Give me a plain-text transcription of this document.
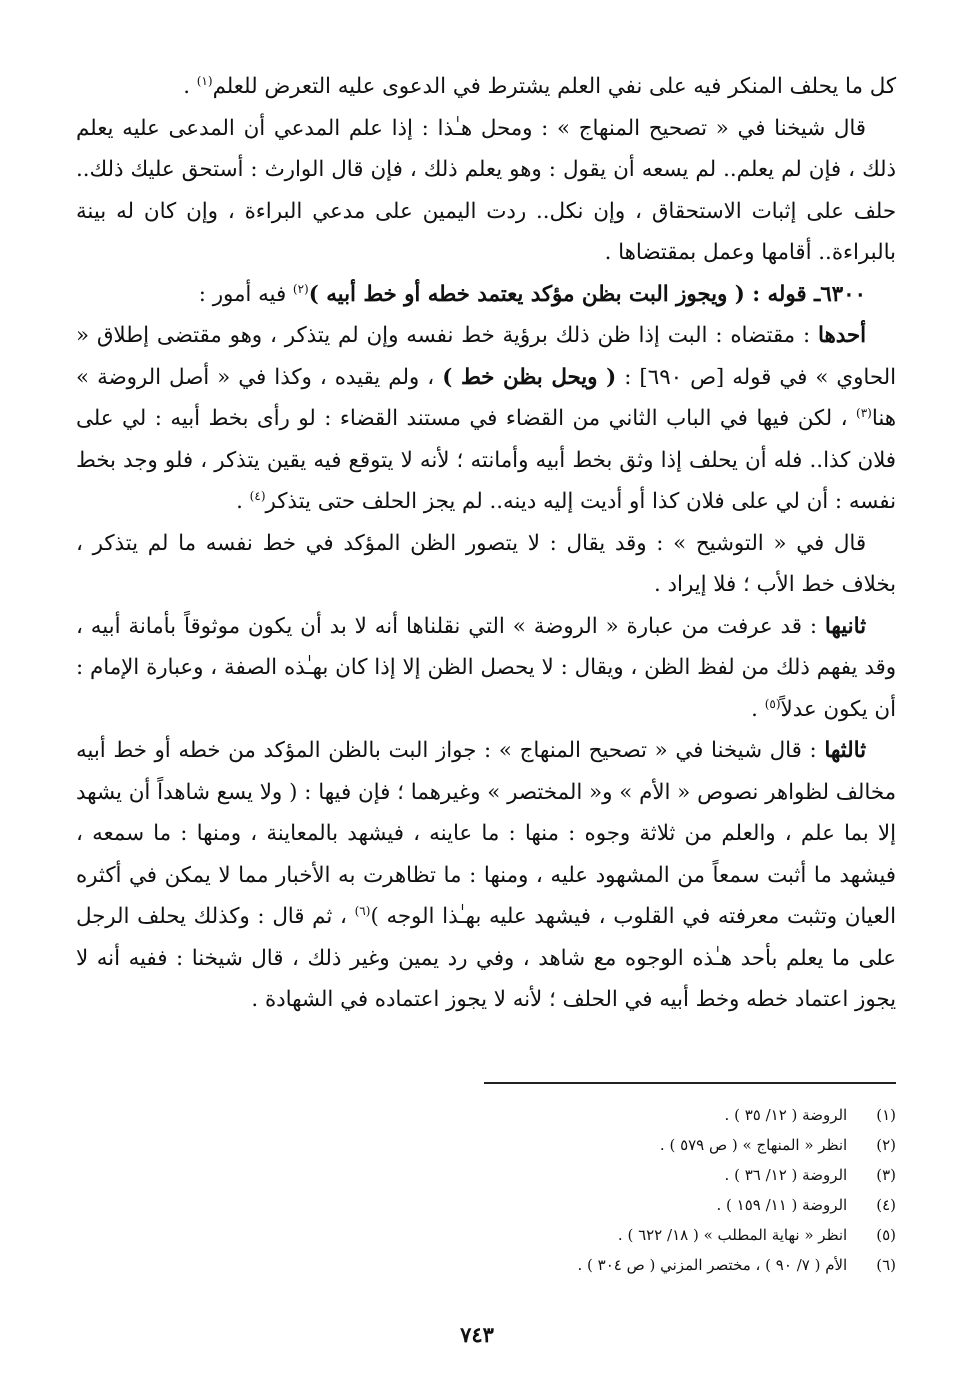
كل ما يحلف المنكر فيه على نفي العلم يشترط في الدعوى عليه التعرض للعلم$^{(١)}$ .

قال شيخنا في « تصحيح المنهاج » : ومحل هـٰذا : إذا علم المدعي أن المدعى عليه يعلم ذلك ، فإن لم يعلم.. لم يسعه أن يقول : وهو يعلم ذلك ، فإن قال الوارث : أستحق عليك ذلك.. حلف على إثبات الاستحقاق ، وإن نكل.. ردت اليمين على مدعي البراءة ، وإن كان له بينة بالبراءة.. أقامها وعمل بمقتضاها .

٦٣٠٠ـ قوله : ( ويجوز البت بظن مؤكد يعتمد خطه أو خط أبيه )$^{(٢)}$ فيه أمور :

أحدها : مقتضاه : البت إذا ظن ذلك برؤية خط نفسه وإن لم يتذكر ، وهو مقتضى إطلاق « الحاوي » في قوله [ص ٦٩٠] : ( ويحل بظن خط ) ، ولم يقيده ، وكذا في « أصل الروضة » هنا$^{(٣)}$ ، لكن فيها في الباب الثاني من القضاء في مستند القضاء : لو رأى بخط أبيه : لي على فلان كذا.. فله أن يحلف إذا وثق بخط أبيه وأمانته ؛ لأنه لا يتوقع فيه يقين يتذكر ، فلو وجد بخط نفسه : أن لي على فلان كذا أو أديت إليه دينه.. لم يجز الحلف حتى يتذكر$^{(٤)}$ .

قال في « التوشيح » : وقد يقال : لا يتصور الظن المؤكد في خط نفسه ما لم يتذكر ، بخلاف خط الأب ؛ فلا إيراد .

ثانيها : قد عرفت من عبارة « الروضة » التي نقلناها أنه لا بد أن يكون موثوقاً بأمانة أبيه ، وقد يفهم ذلك من لفظ الظن ، ويقال : لا يحصل الظن إلا إذا كان بهـٰذه الصفة ، وعبارة الإمام : أن يكون عدلاً$^{(٥)}$ .

ثالثها : قال شيخنا في « تصحيح المنهاج » : جواز البت بالظن المؤكد من خطه أو خط أبيه مخالف لظواهر نصوص « الأم » و« المختصر » وغيرهما ؛ فإن فيها : ( ولا يسع شاهداً أن يشهد إلا بما علم ، والعلم من ثلاثة وجوه : منها : ما عاينه ، فيشهد بالمعاينة ، ومنها : ما سمعه ، فيشهد ما أثبت سمعاً من المشهود عليه ، ومنها : ما تظاهرت به الأخبار مما لا يمكن في أكثره العيان وتثبت معرفته في القلوب ، فيشهد عليه بهـٰذا الوجه )$^{(٦)}$ ، ثم قال : وكذلك يحلف الرجل على ما يعلم بأحد هـٰذه الوجوه مع شاهد ، وفي رد يمين وغير ذلك ، قال شيخنا : ففيه أنه لا يجوز اعتماد خطه وخط أبيه في الحلف ؛ لأنه لا يجوز اعتماده في الشهادة .

(١) الروضة ( ١٢/ ٣٥ ) .
(٢) انظر « المنهاج » ( ص ٥٧٩ ) .
(٣) الروضة ( ١٢/ ٣٦ ) .
(٤) الروضة ( ١١/ ١٥٩ ) .
(٥) انظر « نهاية المطلب » ( ١٨/ ٦٢٢ ) .
(٦) الأم ( ٧/ ٩٠ ) ، مختصر المزني ( ص ٣٠٤ ) .
٧٤٣
